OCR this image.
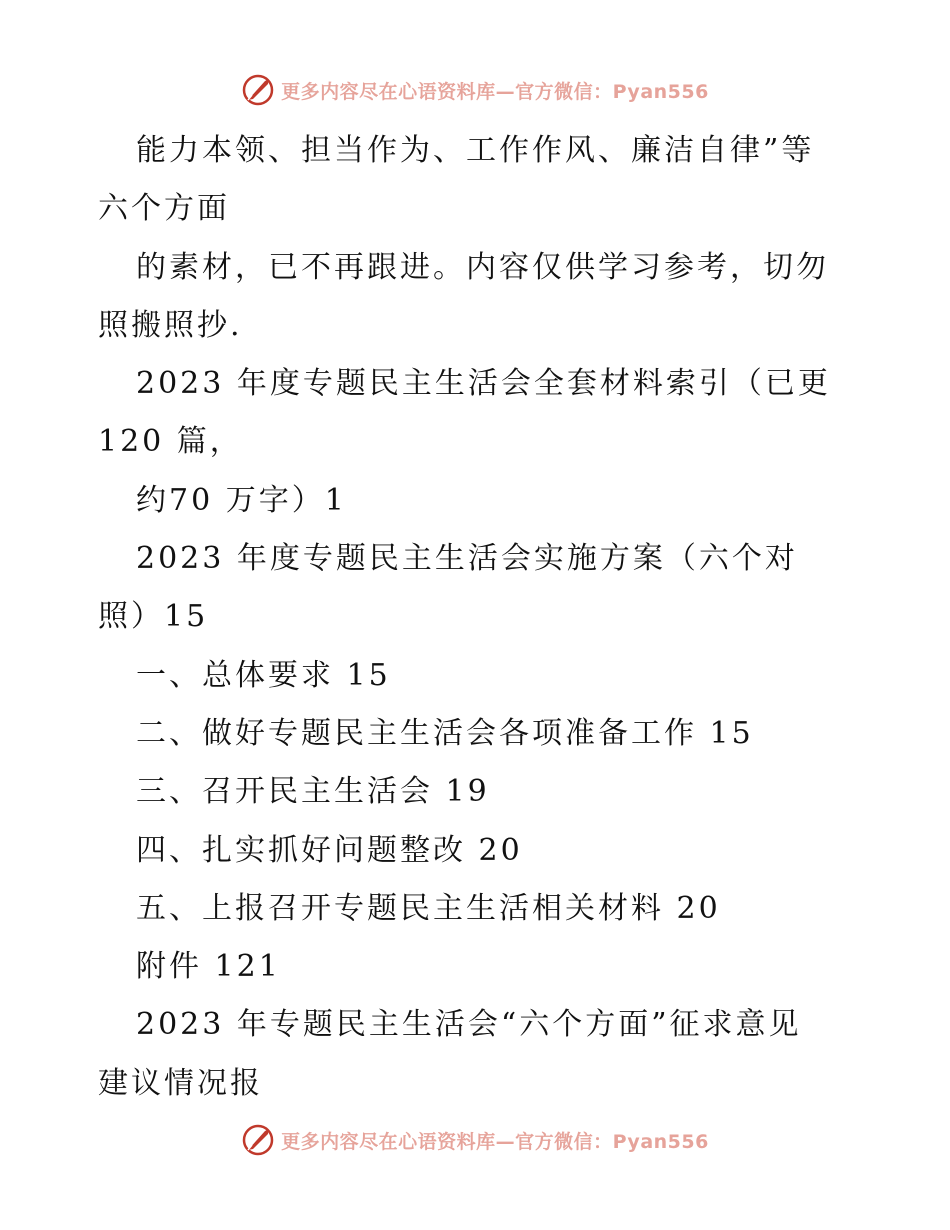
更多内容尽在心语资料库—官方微信：Pyan556
能力本领、担当作为、工作作风、廉洁自律”等
六个方面
的素材，已不再跟进。内容仅供学习参考，切勿
照搬照抄.
2023 年度专题民主生活会全套材料索引（已更
120 篇，
约70 万字）1
2023 年度专题民主生活会实施方案（六个对
照）15
一、总体要求 15
二、做好专题民主生活会各项准备工作 15
三、召开民主生活会 19
四、扎实抓好问题整改 20
五、上报召开专题民主生活相关材料 20
附件 121
2023 年专题民主生活会“六个方面”征求意见
建议情况报
更多内容尽在心语资料库—官方微信：Pyan556
